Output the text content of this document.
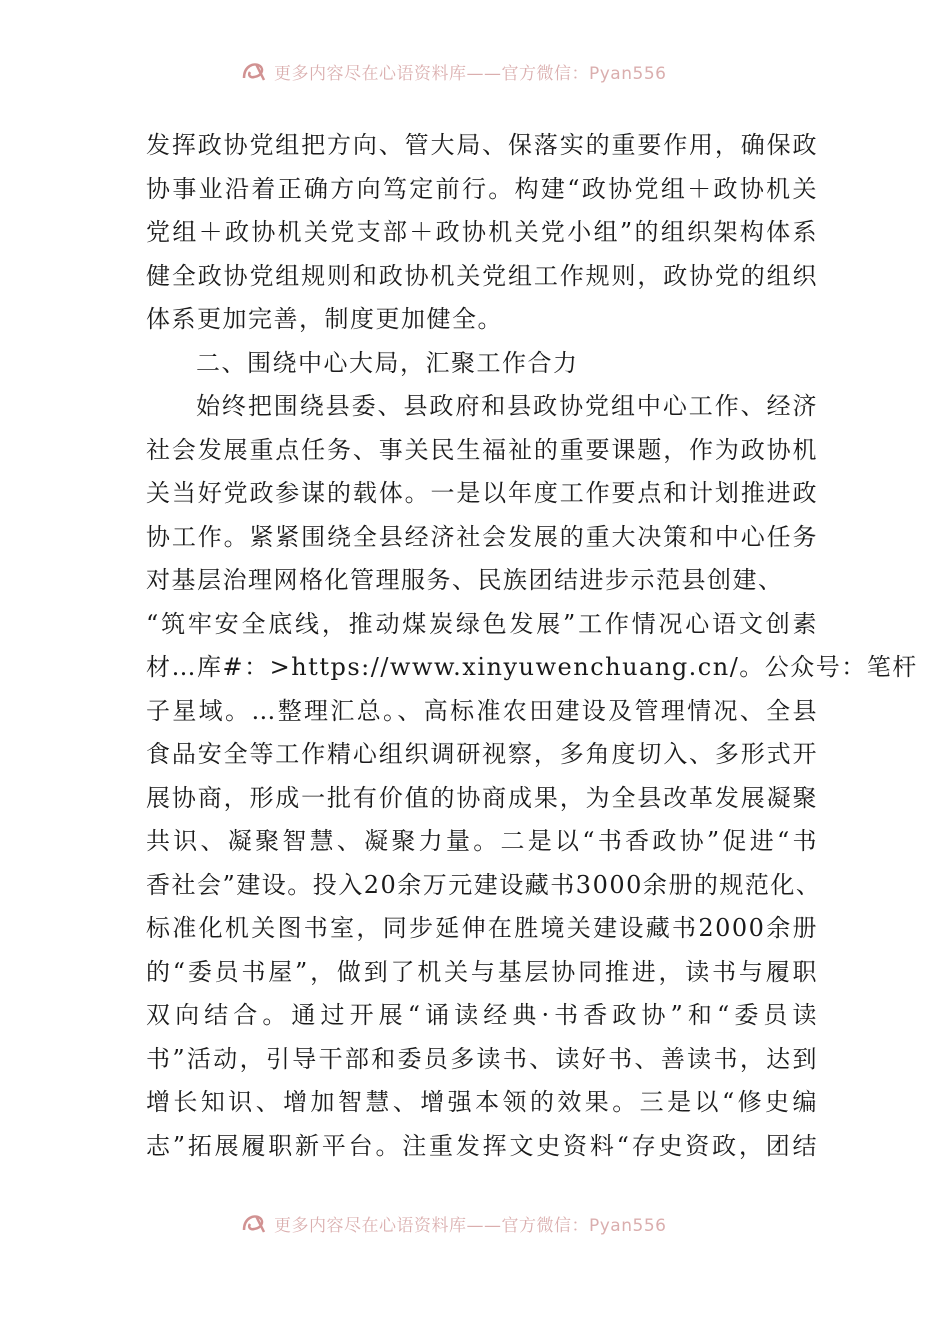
更多内容尽在心语资料库——官方微信：Pyan556
发挥政协党组把方向、管大局、保落实的重要作用，确保政
协事业沿着正确方向笃定前行。构建“政协党组＋政协机关
党组＋政协机关党支部＋政协机关党小组”的组织架构体系
健全政协党组规则和政协机关党组工作规则，政协党的组织
体系更加完善，制度更加健全。
二、围绕中心大局，汇聚工作合力
始终把围绕县委、县政府和县政协党组中心工作、经济
社会发展重点任务、事关民生福祉的重要课题，作为政协机
关当好党政参谋的载体。一是以年度工作要点和计划推进政
协工作。紧紧围绕全县经济社会发展的重大决策和中心任务
对基层治理网格化管理服务、民族团结进步示范县创建、
“筑牢安全底线，推动煤炭绿色发展”工作情况心语文创素
材…库#：>https://www.xinyuwenchuang.cn/。公众号：笔杆
子星域。…整理汇总。、高标准农田建设及管理情况、全县
食品安全等工作精心组织调研视察，多角度切入、多形式开
展协商，形成一批有价值的协商成果，为全县改革发展凝聚
共识、凝聚智慧、凝聚力量。二是以“书香政协”促进“书
香社会”建设。投入20余万元建设藏书3000余册的规范化、
标准化机关图书室，同步延伸在胜境关建设藏书2000余册
的“委员书屋”，做到了机关与基层协同推进，读书与履职
双向结合。通过开展“诵读经典·书香政协”和“委员读
书”活动，引导干部和委员多读书、读好书、善读书，达到
增长知识、增加智慧、增强本领的效果。三是以“修史编
志”拓展履职新平台。注重发挥文史资料“存史资政，团结
更多内容尽在心语资料库——官方微信：Pyan556
